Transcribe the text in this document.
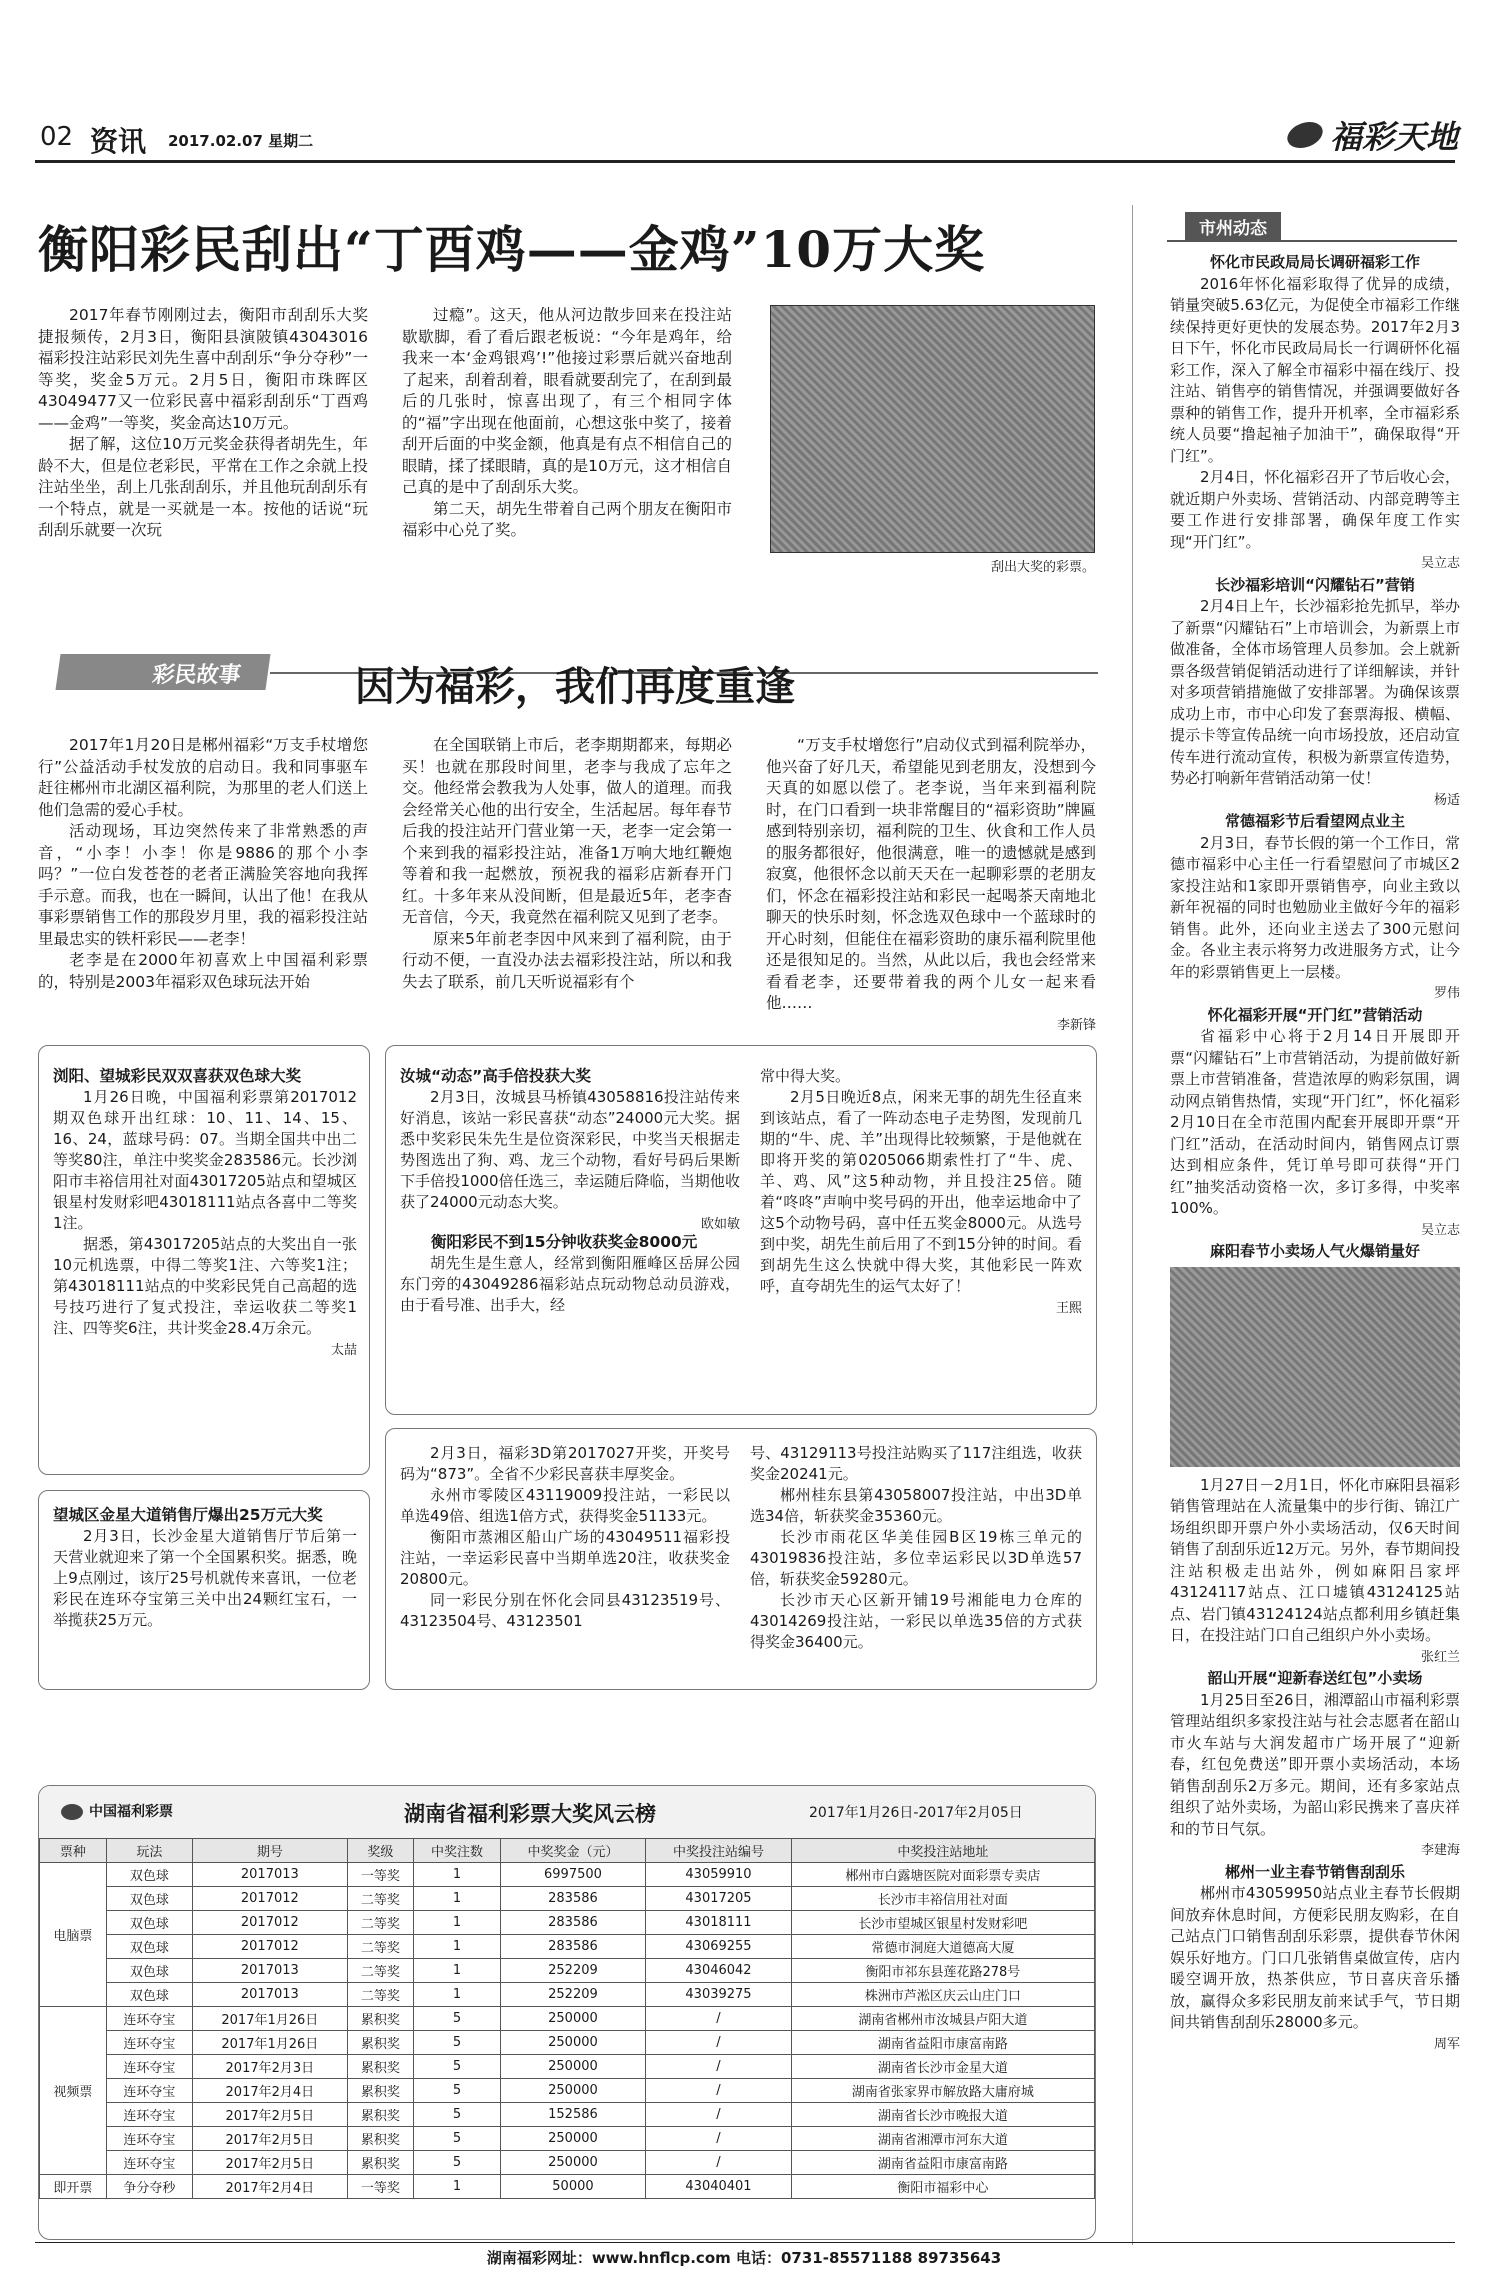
02 资讯 2017.02.07 星期二	福彩天地
衡阳彩民刮出“丁酉鸡——金鸡”10万大奖

2017年春节刚刚过去，衡阳市刮刮乐大奖捷报频传，2月3日，衡阳县演陂镇43043016福彩投注站彩民刘先生喜中刮刮乐“争分夺秒”一等奖，奖金5万元。2月5日，衡阳市珠晖区43049477又一位彩民喜中福彩刮刮乐“丁酉鸡——金鸡”一等奖，奖金高达10万元。

据了解，这位10万元奖金获得者胡先生，年龄不大，但是位老彩民，平常在工作之余就上投注站坐坐，刮上几张刮刮乐，并且他玩刮刮乐有一个特点，就是一买就是一本。按他的话说“玩刮刮乐就要一次玩

过瘾”。这天，他从河边散步回来在投注站歇歇脚，看了看后跟老板说：“今年是鸡年，给我来一本‘金鸡银鸡’!”他接过彩票后就兴奋地刮了起来，刮着刮着，眼看就要刮完了，在刮到最后的几张时，惊喜出现了，有三个相同字体的“福”字出现在他面前，心想这张中奖了，接着刮开后面的中奖金额，他真是有点不相信自己的眼睛，揉了揉眼睛，真的是10万元，这才相信自己真的是中了刮刮乐大奖。

第二天，胡先生带着自己两个朋友在衡阳市福彩中心兑了奖。

刮出大奖的彩票。
彩民故事	因为福彩，我们再度重逢

2017年1月20日是郴州福彩“万支手杖增您行”公益活动手杖发放的启动日。我和同事驱车赶往郴州市北湖区福利院，为那里的老人们送上他们急需的爱心手杖。

活动现场，耳边突然传来了非常熟悉的声音，“小李！小李！你是9886的那个小李吗？”一位白发苍苍的老者正满脸笑容地向我挥手示意。而我，也在一瞬间，认出了他！在我从事彩票销售工作的那段岁月里，我的福彩投注站里最忠实的铁杆彩民——老李！

老李是在2000年初喜欢上中国福利彩票的，特别是2003年福彩双色球玩法开始

在全国联销上市后，老李期期都来，每期必买！也就在那段时间里，老李与我成了忘年之交。他经常会教我为人处事，做人的道理。而我会经常关心他的出行安全，生活起居。每年春节后我的投注站开门营业第一天，老李一定会第一个来到我的福彩投注站，准备1万响大地红鞭炮等着和我一起燃放，预祝我的福彩店新春开门红。十多年来从没间断，但是最近5年，老李杳无音信，今天，我竟然在福利院又见到了老李。

原来5年前老李因中风来到了福利院，由于行动不便，一直没办法去福彩投注站，所以和我失去了联系，前几天听说福彩有个

“万支手杖增您行”启动仪式到福利院举办，他兴奋了好几天，希望能见到老朋友，没想到今天真的如愿以偿了。老李说，当年来到福利院时，在门口看到一块非常醒目的“福彩资助”牌匾感到特别亲切，福利院的卫生、伙食和工作人员的服务都很好，他很满意，唯一的遗憾就是感到寂寞，他很怀念以前天天在一起聊彩票的老朋友们，怀念在福彩投注站和彩民一起喝茶天南地北聊天的快乐时刻，怀念选双色球中一个蓝球时的开心时刻，但能住在福彩资助的康乐福利院里他还是很知足的。当然，从此以后，我也会经常来看看老李，还要带着我的两个儿女一起来看他……

李新锋
浏阳、望城彩民双双喜获双色球大奖

1月26日晚，中国福利彩票第2017012期双色球开出红球：10、11、14、15、16、24，蓝球号码：07。当期全国共中出二等奖80注，单注中奖奖金283586元。长沙浏阳市丰裕信用社对面43017205站点和望城区银星村发财彩吧43018111站点各喜中二等奖1注。

据悉，第43017205站点的大奖出自一张10元机选票，中得二等奖1注、六等奖1注；第43018111站点的中奖彩民凭自己高超的选号技巧进行了复式投注，幸运收获二等奖1注、四等奖6注，共计奖金28.4万余元。

太喆
望城区金星大道销售厅爆出25万元大奖

2月3日，长沙金星大道销售厅节后第一天营业就迎来了第一个全国累积奖。据悉，晚上9点刚过，该厅25号机就传来喜讯，一位老彩民在连环夺宝第三关中出24颗红宝石，一举揽获25万元。

汝城“动态”高手倍投获大奖

2月3日，汝城县马桥镇43058816投注站传来好消息，该站一彩民喜获“动态”24000元大奖。据悉中奖彩民朱先生是位资深彩民，中奖当天根据走势图选出了狗、鸡、龙三个动物，看好号码后果断下手倍投1000倍任选三，幸运随后降临，当期他收获了24000元动态大奖。

欧如敏
衡阳彩民不到15分钟收获奖金8000元

胡先生是生意人，经常到衡阳雁峰区岳屏公园东门旁的43049286福彩站点玩动物总动员游戏，由于看号准、出手大，经

常中得大奖。

2月5日晚近8点，闲来无事的胡先生径直来到该站点，看了一阵动态电子走势图，发现前几期的“牛、虎、羊”出现得比较频繁，于是他就在即将开奖的第0205066期索性打了“牛、虎、羊、鸡、风”这5种动物，并且投注25倍。随着“咚咚”声响中奖号码的开出，他幸运地命中了这5个动物号码，喜中任五奖金8000元。从选号到中奖，胡先生前后用了不到15分钟的时间。看到胡先生这么快就中得大奖，其他彩民一阵欢呼，直夸胡先生的运气太好了！

王熙

2月3日，福彩3D第2017027开奖，开奖号码为“873”。全省不少彩民喜获丰厚奖金。

永州市零陵区43119009投注站，一彩民以单选49倍、组选1倍方式，获得奖金51133元。

衡阳市蒸湘区船山广场的43049511福彩投注站，一幸运彩民喜中当期单选20注，收获奖金20800元。

同一彩民分别在怀化会同县43123519号、43123504号、43123501

号、43129113号投注站购买了117注组选，收获奖金20241元。

郴州桂东县第43058007投注站，中出3D单选34倍，斩获奖金35360元。

长沙市雨花区华美佳园B区19栋三单元的43019836投注站，多位幸运彩民以3D单选57倍，斩获奖金59280元。

长沙市天心区新开铺19号湘能电力仓库的43014269投注站，一彩民以单选35倍的方式获得奖金36400元。

市州动态
怀化市民政局局长调研福彩工作

2016年怀化福彩取得了优异的成绩，销量突破5.63亿元，为促使全市福彩工作继续保持更好更快的发展态势。2017年2月3日下午，怀化市民政局局长一行调研怀化福彩工作，深入了解全市福彩中福在线厅、投注站、销售亭的销售情况，并强调要做好各票种的销售工作，提升开机率，全市福彩系统人员要“撸起袖子加油干”，确保取得“开门红”。

2月4日，怀化福彩召开了节后收心会，就近期户外卖场、营销活动、内部竞聘等主要工作进行安排部署，确保年度工作实现“开门红”。

吴立志
长沙福彩培训“闪耀钻石”营销

2月4日上午，长沙福彩抢先抓早，举办了新票“闪耀钻石”上市培训会，为新票上市做准备，全体市场管理人员参加。会上就新票各级营销促销活动进行了详细解读，并针对多项营销措施做了安排部署。为确保该票成功上市，市中心印发了套票海报、横幅、提示卡等宣传品统一向市场投放，还启动宣传车进行流动宣传，积极为新票宣传造势，势必打响新年营销活动第一仗！

杨适
常德福彩节后看望网点业主

2月3日，春节长假的第一个工作日，常德市福彩中心主任一行看望慰问了市城区2家投注站和1家即开票销售亭，向业主致以新年祝福的同时也勉励业主做好今年的福彩销售。此外，还向业主送去了300元慰问金。各业主表示将努力改进服务方式，让今年的彩票销售更上一层楼。

罗伟
怀化福彩开展“开门红”营销活动

省福彩中心将于2月14日开展即开票“闪耀钻石”上市营销活动，为提前做好新票上市营销准备，营造浓厚的购彩氛围，调动网点销售热情，实现“开门红”，怀化福彩2月10日在全市范围内配套开展即开票“开门红”活动，在活动时间内，销售网点订票达到相应条件，凭订单号即可获得“开门红”抽奖活动资格一次，多订多得，中奖率100%。

吴立志
麻阳春节小卖场人气火爆销量好

1月27日－2月1日，怀化市麻阳县福彩销售管理站在人流量集中的步行街、锦江广场组织即开票户外小卖场活动，仅6天时间销售了刮刮乐近12万元。另外，春节期间投注站积极走出站外，例如麻阳吕家坪43124117站点、江口墟镇43124125站点、岩门镇43124124站点都利用乡镇赶集日，在投注站门口自己组织户外小卖场。

张红兰
韶山开展“迎新春送红包”小卖场

1月25日至26日，湘潭韶山市福利彩票管理站组织多家投注站与社会志愿者在韶山市火车站与大润发超市广场开展了“迎新春，红包免费送”即开票小卖场活动，本场销售刮刮乐2万多元。期间，还有多家站点组织了站外卖场，为韶山彩民携来了喜庆祥和的节日气氛。

李建海
郴州一业主春节销售刮刮乐

郴州市43059950站点业主春节长假期间放弃休息时间，方便彩民朋友购彩，在自己站点门口销售刮刮乐彩票，提供春节休闲娱乐好地方。门口几张销售桌做宣传，店内暖空调开放，热茶供应，节日喜庆音乐播放，赢得众多彩民朋友前来试手气，节日期间共销售刮刮乐28000多元。

周军
中国福利彩票	湖南省福利彩票大奖风云榜	2017年1月26日-2017年2月05日
票种	玩法	期号	奖级	中奖注数	中奖奖金（元）	中奖投注站编号	中奖投注站地址
电脑票	双色球	2017013	一等奖	1	6997500	43059910	郴州市白露塘医院对面彩票专卖店
	双色球	2017012	二等奖	1	283586	43017205	长沙市丰裕信用社对面
	双色球	2017012	二等奖	1	283586	43018111	长沙市望城区银星村发财彩吧
	双色球	2017012	二等奖	1	283586	43069255	常德市洞庭大道德高大厦
	双色球	2017013	二等奖	1	252209	43046042	衡阳市祁东县莲花路278号
	双色球	2017013	二等奖	1	252209	43039275	株洲市芦淞区庆云山庄门口
视频票	连环夺宝	2017年1月26日	累积奖	5	250000	/	湖南省郴州市汝城县卢阳大道
	连环夺宝	2017年1月26日	累积奖	5	250000	/	湖南省益阳市康富南路
	连环夺宝	2017年2月3日	累积奖	5	250000	/	湖南省长沙市金星大道
	连环夺宝	2017年2月4日	累积奖	5	250000	/	湖南省张家界市解放路大庸府城
	连环夺宝	2017年2月5日	累积奖	5	152586	/	湖南省长沙市晚报大道
	连环夺宝	2017年2月5日	累积奖	5	250000	/	湖南省湘潭市河东大道
	连环夺宝	2017年2月5日	累积奖	5	250000	/	湖南省益阳市康富南路
即开票	争分夺秒	2017年2月4日	一等奖	1	50000	43040401	衡阳市福彩中心
湖南福彩网址：www.hnflcp.com 电话：0731-85571188 89735643
